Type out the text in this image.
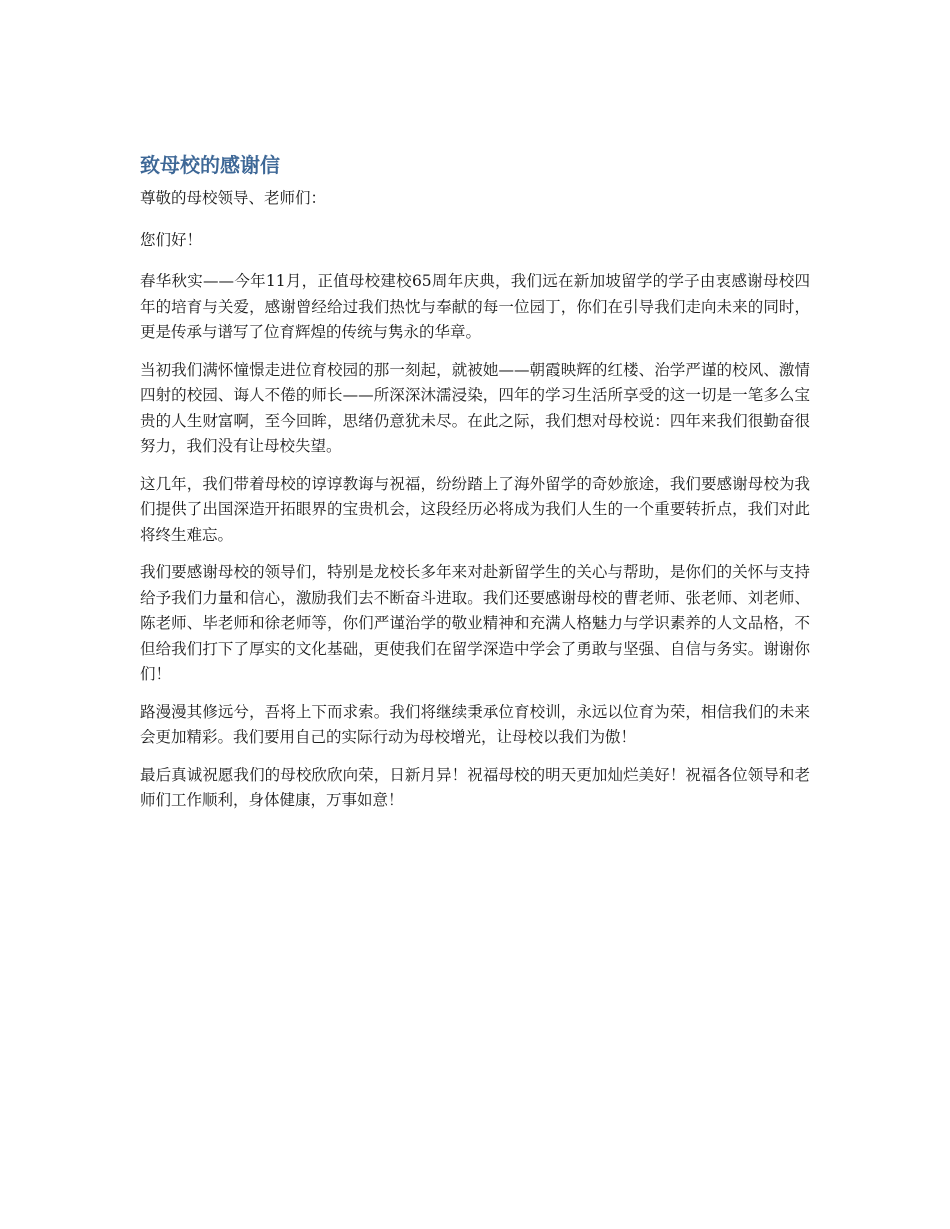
致母校的感谢信

尊敬的母校领导、老师们：

您们好！

春华秋实——今年11月，正值母校建校65周年庆典，我们远在新加坡留学的学子由衷感谢母校四年的培育与关爱，感谢曾经给过我们热忱与奉献的每一位园丁，你们在引导我们走向未来的同时，更是传承与谱写了位育辉煌的传统与隽永的华章。

当初我们满怀憧憬走进位育校园的那一刻起，就被她——朝霞映辉的红楼、治学严谨的校风、激情四射的校园、诲人不倦的师长——所深深沐濡浸染，四年的学习生活所享受的这一切是一笔多么宝贵的人生财富啊，至今回眸，思绪仍意犹未尽。在此之际，我们想对母校说：四年来我们很勤奋很努力，我们没有让母校失望。

这几年，我们带着母校的谆谆教诲与祝福，纷纷踏上了海外留学的奇妙旅途，我们要感谢母校为我们提供了出国深造开拓眼界的宝贵机会，这段经历必将成为我们人生的一个重要转折点，我们对此将终生难忘。

我们要感谢母校的领导们，特别是龙校长多年来对赴新留学生的关心与帮助，是你们的关怀与支持给予我们力量和信心，激励我们去不断奋斗进取。我们还要感谢母校的曹老师、张老师、刘老师、陈老师、毕老师和徐老师等，你们严谨治学的敬业精神和充满人格魅力与学识素养的人文品格，不但给我们打下了厚实的文化基础，更使我们在留学深造中学会了勇敢与坚强、自信与务实。谢谢你们！

路漫漫其修远兮，吾将上下而求索。我们将继续秉承位育校训，永远以位育为荣，相信我们的未来会更加精彩。我们要用自己的实际行动为母校增光，让母校以我们为傲！

最后真诚祝愿我们的母校欣欣向荣，日新月异！祝福母校的明天更加灿烂美好！祝福各位领导和老师们工作顺利，身体健康，万事如意！
